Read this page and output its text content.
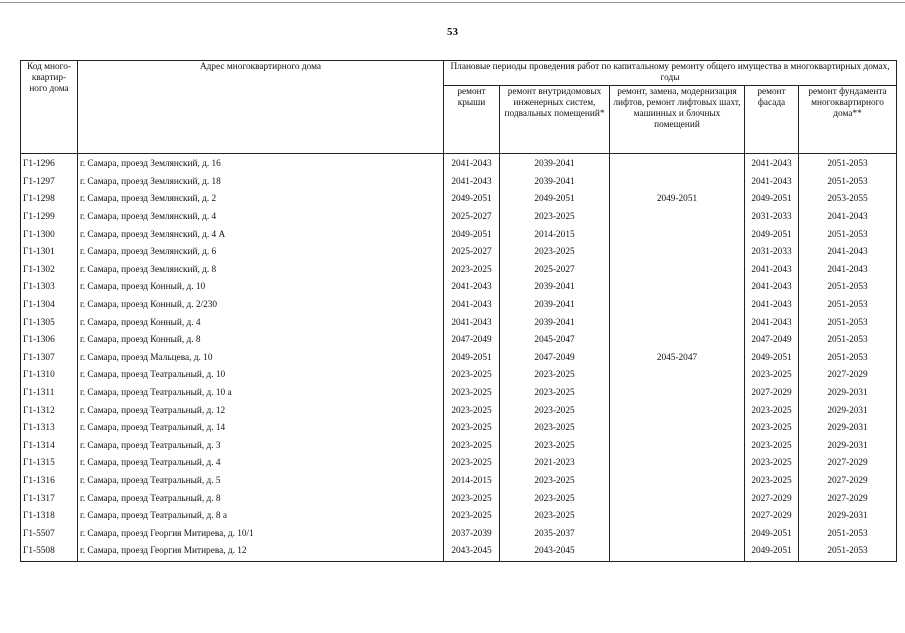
53
Код много-квартир-ного дома	Адрес многоквартирного дома	Плановые периоды проведения работ по капитальному ремонту общего имущества в многоквартирных домах, годы				
		ремонт крыши	ремонт внутридомовых инженерных систем, подвальных помещений*	ремонт, замена, модернизация лифтов, ремонт лифтовых шахт, машинных и блочных помещений	ремонт фасада	ремонт фундамента многоквартирного дома**
Г1-1296	г. Самара, проезд Землянский, д. 16	2041-2043	2039-2041		2041-2043	2051-2053
Г1-1297	г. Самара, проезд Землянский, д. 18	2041-2043	2039-2041		2041-2043	2051-2053
Г1-1298	г. Самара, проезд Землянский, д. 2	2049-2051	2049-2051	2049-2051	2049-2051	2053-2055
Г1-1299	г. Самара, проезд Землянский, д. 4	2025-2027	2023-2025		2031-2033	2041-2043
Г1-1300	г. Самара, проезд Землянский, д. 4 А	2049-2051	2014-2015		2049-2051	2051-2053
Г1-1301	г. Самара, проезд Землянский, д. 6	2025-2027	2023-2025		2031-2033	2041-2043
Г1-1302	г. Самара, проезд Землянский, д. 8	2023-2025	2025-2027		2041-2043	2041-2043
Г1-1303	г. Самара, проезд Конный, д. 10	2041-2043	2039-2041		2041-2043	2051-2053
Г1-1304	г. Самара, проезд Конный, д. 2/230	2041-2043	2039-2041		2041-2043	2051-2053
Г1-1305	г. Самара, проезд Конный, д. 4	2041-2043	2039-2041		2041-2043	2051-2053
Г1-1306	г. Самара, проезд Конный, д. 8	2047-2049	2045-2047		2047-2049	2051-2053
Г1-1307	г. Самара, проезд Мальцева, д. 10	2049-2051	2047-2049	2045-2047	2049-2051	2051-2053
Г1-1310	г. Самара, проезд Театральный, д. 10	2023-2025	2023-2025		2023-2025	2027-2029
Г1-1311	г. Самара, проезд Театральный, д. 10 а	2023-2025	2023-2025		2027-2029	2029-2031
Г1-1312	г. Самара, проезд Театральный, д. 12	2023-2025	2023-2025		2023-2025	2029-2031
Г1-1313	г. Самара, проезд Театральный, д. 14	2023-2025	2023-2025		2023-2025	2029-2031
Г1-1314	г. Самара, проезд Театральный, д. 3	2023-2025	2023-2025		2023-2025	2029-2031
Г1-1315	г. Самара, проезд Театральный, д. 4	2023-2025	2021-2023		2023-2025	2027-2029
Г1-1316	г. Самара, проезд Театральный, д. 5	2014-2015	2023-2025		2023-2025	2027-2029
Г1-1317	г. Самара, проезд Театральный, д. 8	2023-2025	2023-2025		2027-2029	2027-2029
Г1-1318	г. Самара, проезд Театральный, д. 8 а	2023-2025	2023-2025		2027-2029	2029-2031
Г1-5507	г. Самара, проезд Георгия Митирева, д. 10/1	2037-2039	2035-2037		2049-2051	2051-2053
Г1-5508	г. Самара, проезд Георгия Митирева, д. 12	2043-2045	2043-2045		2049-2051	2051-2053
